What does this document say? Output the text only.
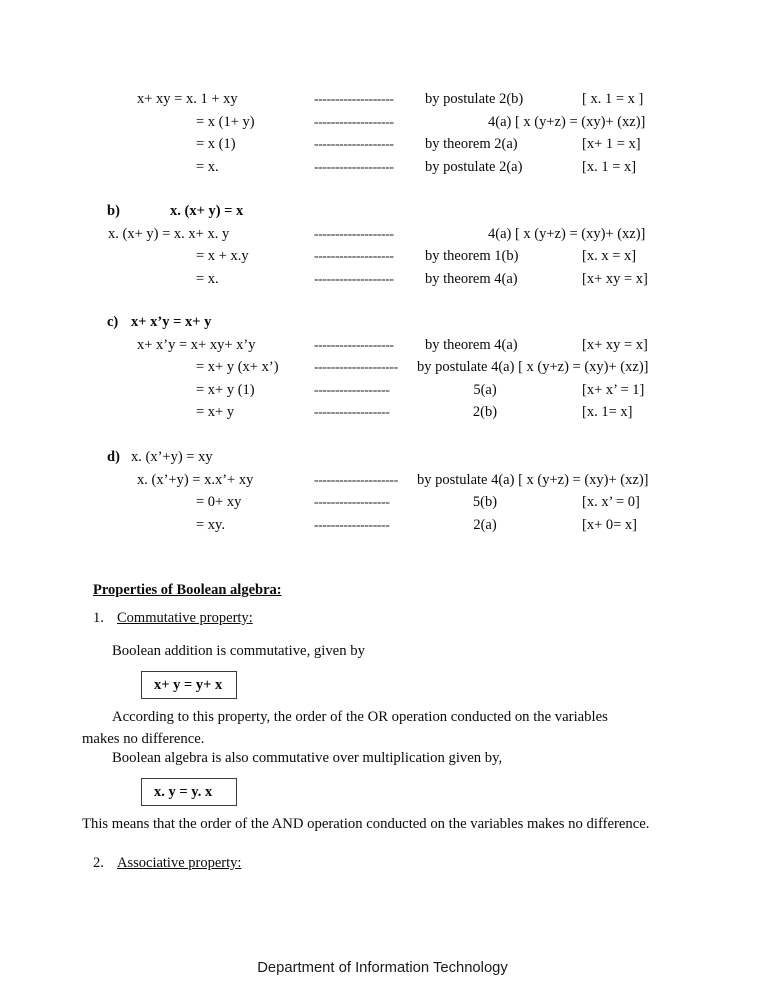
x+ xy = x. 1 + xy	-------------------	by postulate 2(b)	[ x. 1 = x ]
= x (1+ y)	-------------------	4(a) [ x (y+z) = (xy)+ (xz)]
= x (1)	-------------------	by theorem 2(a)	[x+ 1 = x]
= x.	-------------------	by postulate 2(a)	[x. 1 = x]
b)	x. (x+ y) = x
x. (x+ y) = x. x+ x. y	-------------------	4(a) [ x (y+z) = (xy)+ (xz)]
= x + x.y	-------------------	by theorem 1(b)	[x. x = x]
= x.	-------------------	by theorem 4(a)	[x+ xy = x]
c) x+ x’y = x+ y
x+ x’y = x+ xy+ x’y	-------------------	by theorem 4(a)	[x+ xy = x]
= x+ y (x+ x’)	--------------------	by postulate 4(a) [ x (y+z) = (xy)+ (xz)]
= x+ y (1)	------------------	5(a)	[x+ x’ = 1]
= x+ y	------------------	2(b)	[x. 1= x]
d) x. (x’+y) = xy
x. (x’+y) = x.x’+ xy	--------------------	by postulate 4(a) [ x (y+z) = (xy)+ (xz)]
= 0+ xy	------------------	5(b)	[x. x’ = 0]
= xy.	------------------	2(a)	[x+ 0= x]
Properties of Boolean algebra:

1.

Commutative property:

Boolean addition is commutative, given by
x+ y = y+ x
According to this property, the order of the OR operation conducted on the variables makes no difference.
Boolean algebra is also commutative over multiplication given by,
x. y = y. x
This means that the order of the AND operation conducted on the variables makes no difference.

2.

Associative property:

Department of Information Technology
